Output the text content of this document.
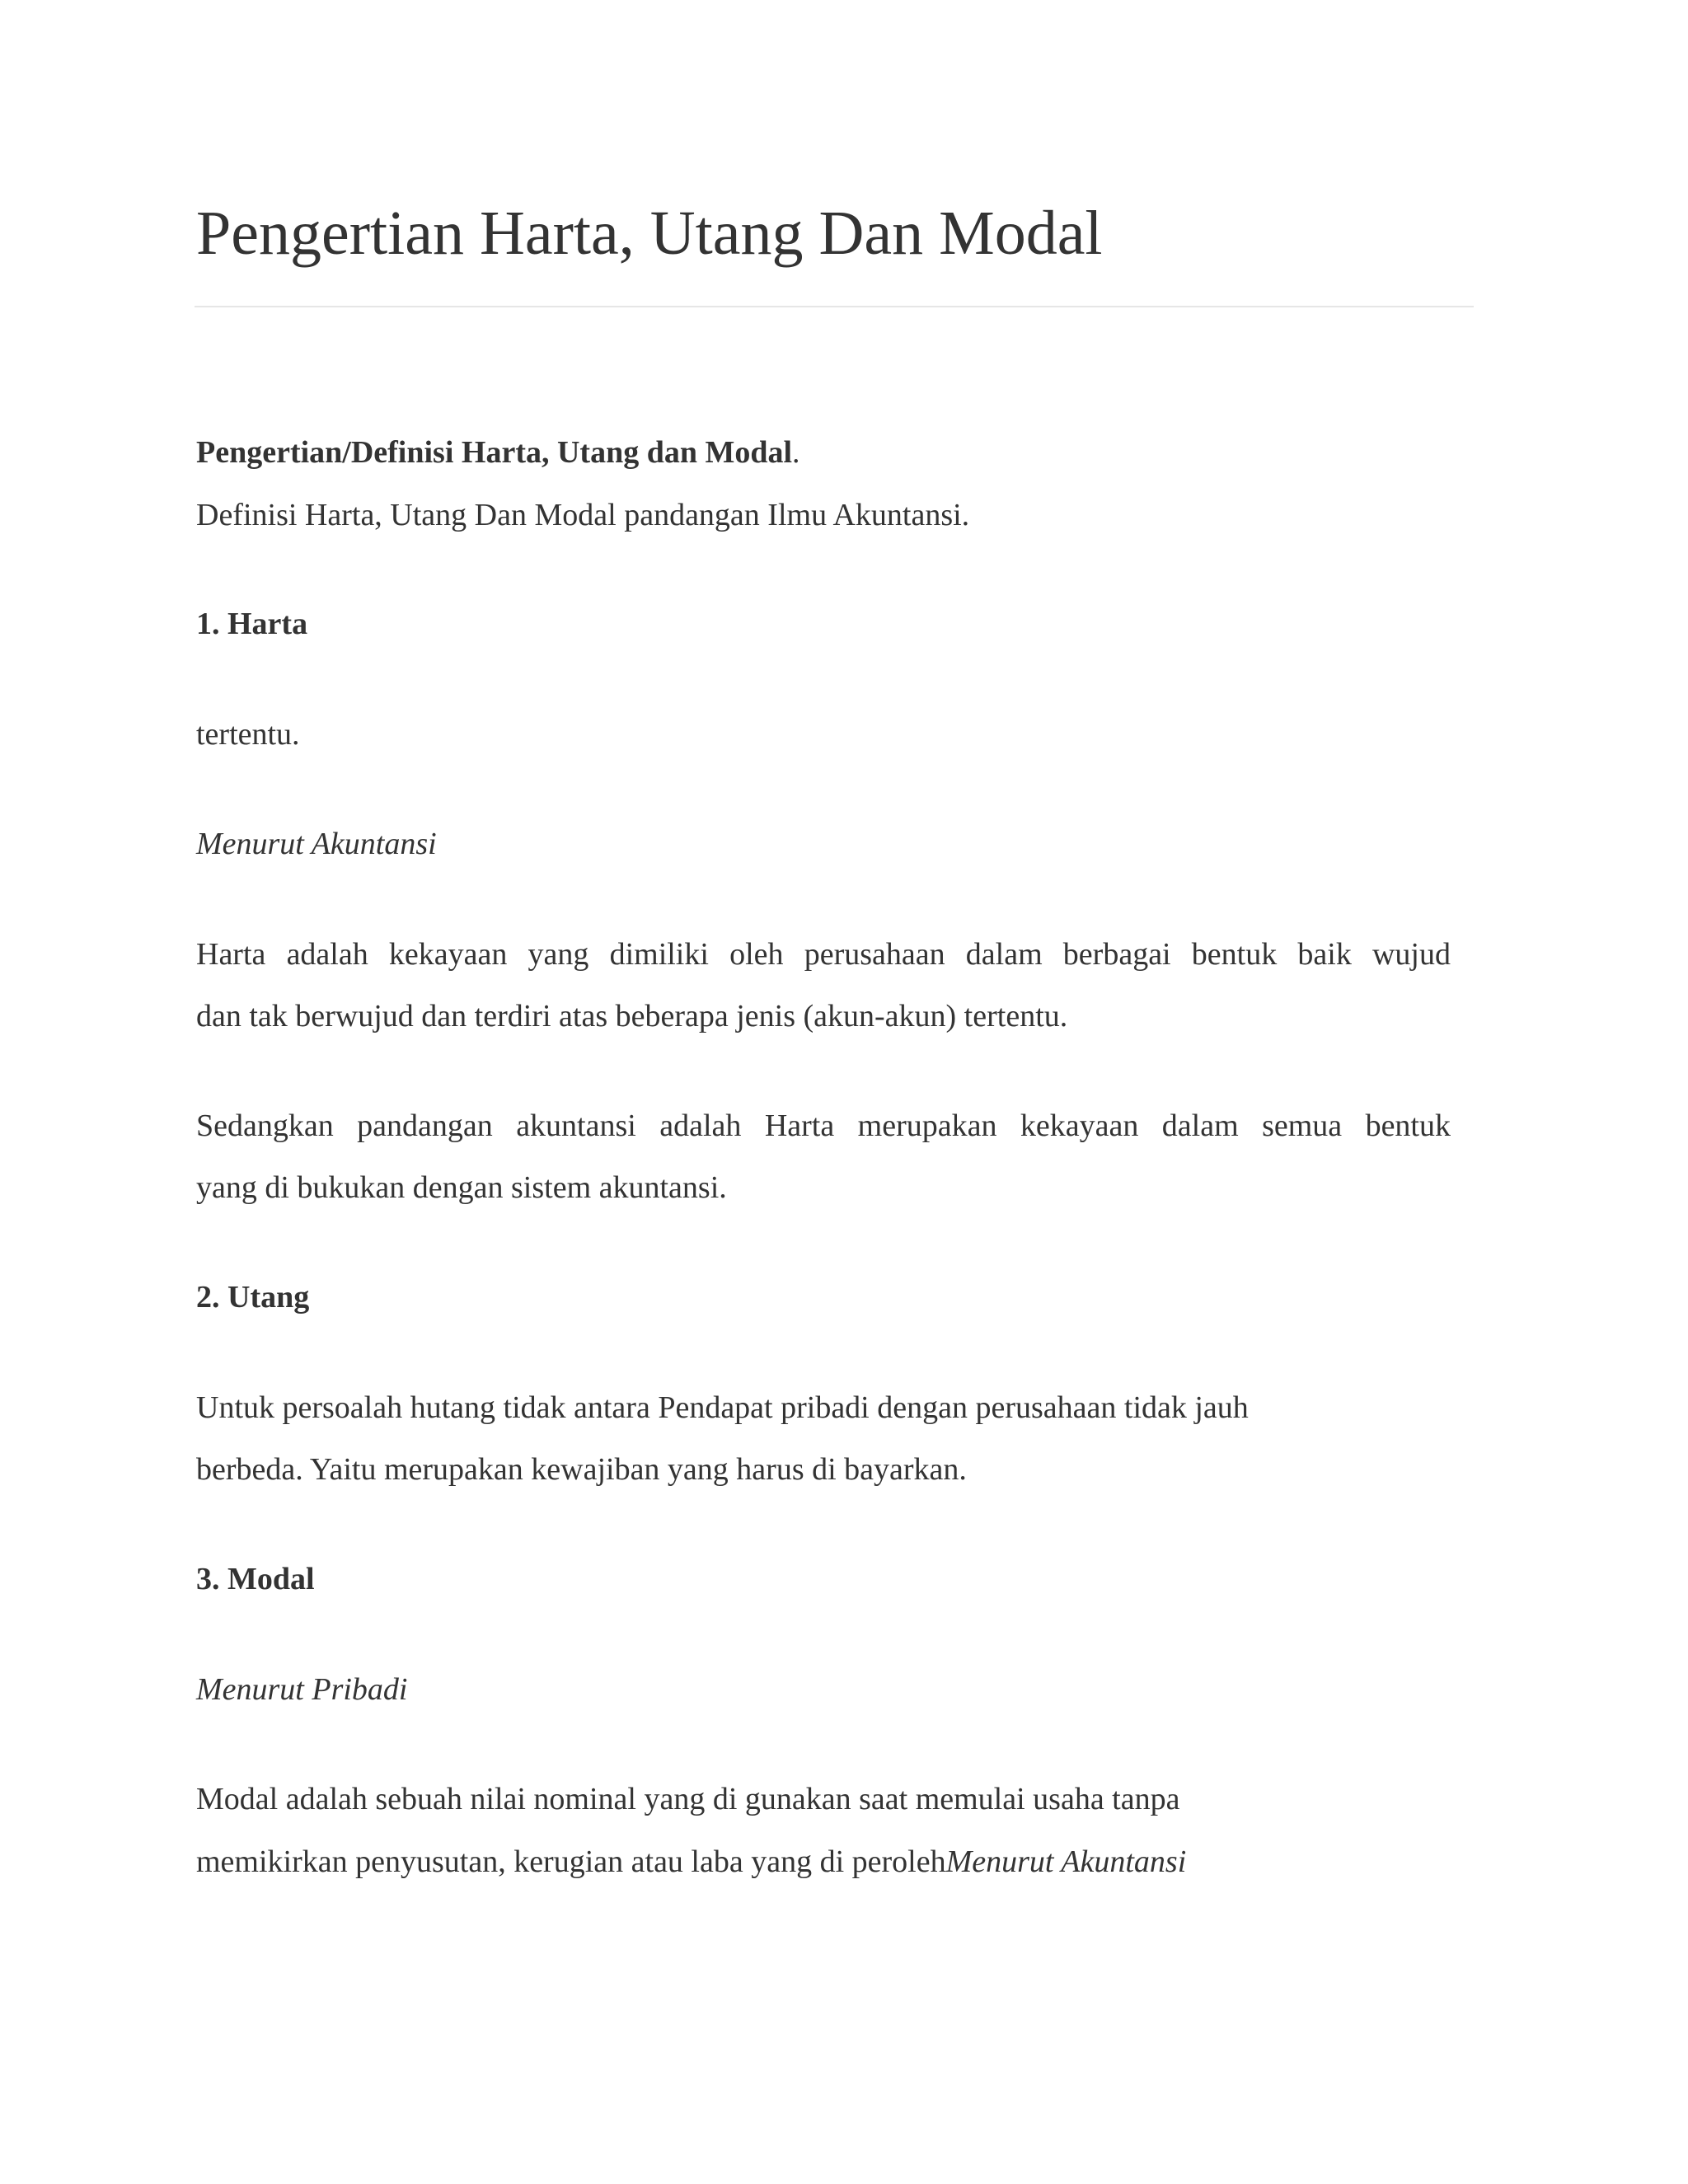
Pengertian Harta, Utang Dan Modal

Pengertian/Definisi Harta, Utang dan Modal.

Definisi Harta, Utang Dan Modal pandangan Ilmu Akuntansi.

1. Harta

tertentu.

Menurut Akuntansi

Harta adalah kekayaan yang dimiliki oleh perusahaan dalam berbagai bentuk baik wujud

dan tak berwujud dan terdiri atas beberapa jenis (akun-akun) tertentu.

Sedangkan pandangan akuntansi adalah Harta merupakan kekayaan dalam semua bentuk

yang di bukukan dengan sistem akuntansi.

2. Utang

Untuk persoalah hutang tidak antara Pendapat pribadi dengan perusahaan tidak jauh

berbeda. Yaitu merupakan kewajiban yang harus di bayarkan.

3. Modal

Menurut Pribadi

Modal adalah sebuah nilai nominal yang di gunakan saat memulai usaha tanpa

memikirkan penyusutan, kerugian atau laba yang di perolehMenurut Akuntansi
